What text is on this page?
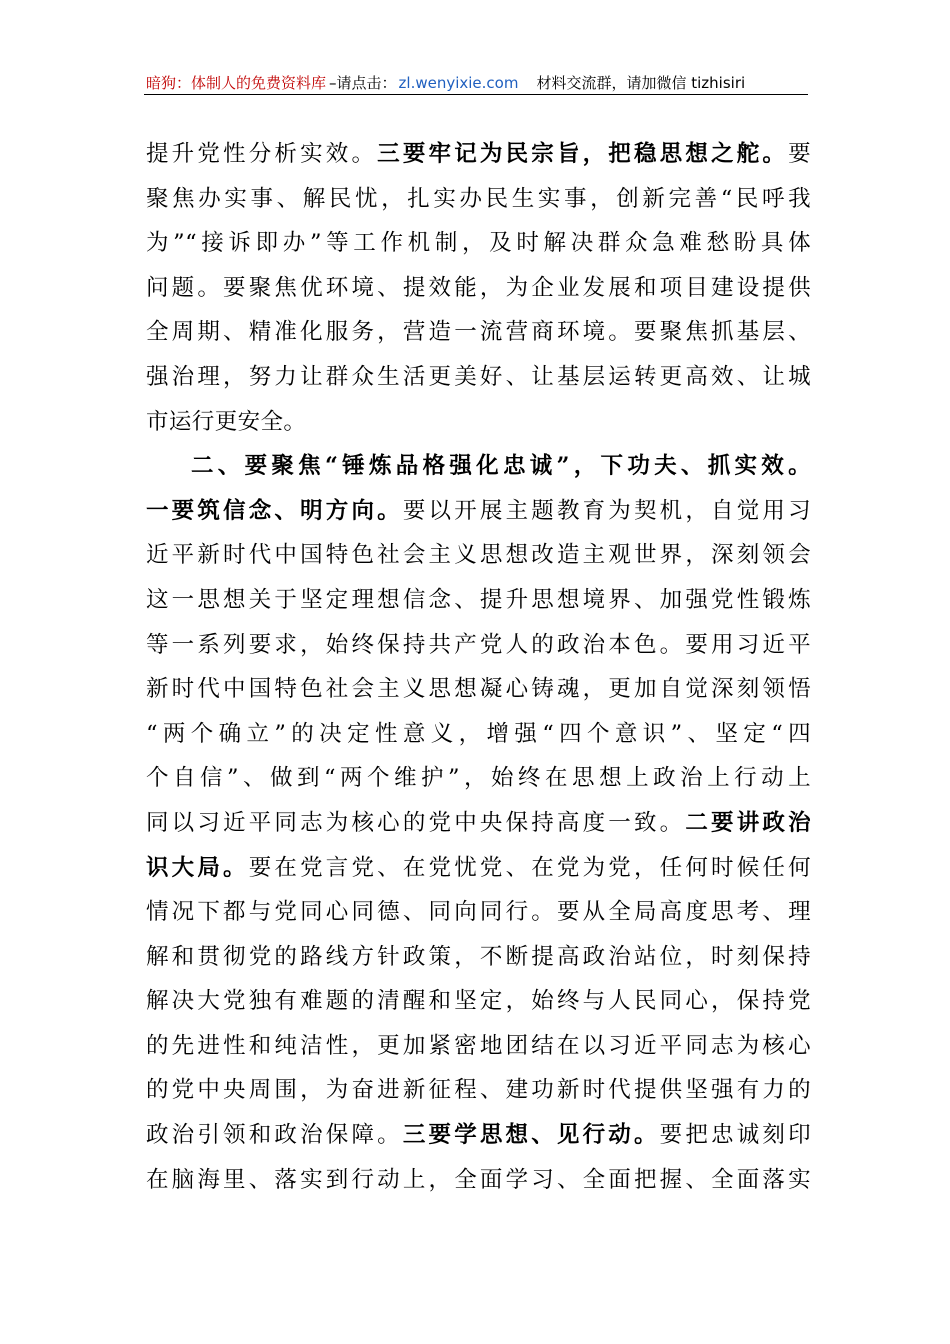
暗狗：体制人的免费资料库 –请点击： zl.wenyixie.com 材料交流群，请加微信 tizhisiri
提升党性分析实效。三要牢记为民宗旨，把稳思想之舵。要
聚焦办实事、解民忧，扎实办民生实事，创新完善“民呼我
为”“接诉即办”等工作机制，及时解决群众急难愁盼具体
问题。要聚焦优环境、提效能，为企业发展和项目建设提供
全周期、精准化服务，营造一流营商环境。要聚焦抓基层、
强治理，努力让群众生活更美好、让基层运转更高效、让城
市运行更安全。
二、要聚焦“锤炼品格强化忠诚”，下功夫、抓实效。
一要筑信念、明方向。要以开展主题教育为契机，自觉用习
近平新时代中国特色社会主义思想改造主观世界，深刻领会
这一思想关于坚定理想信念、提升思想境界、加强党性锻炼
等一系列要求，始终保持共产党人的政治本色。要用习近平
新时代中国特色社会主义思想凝心铸魂，更加自觉深刻领悟
“两个确立”的决定性意义，增强“四个意识”、坚定“四
个自信”、做到“两个维护”，始终在思想上政治上行动上
同以习近平同志为核心的党中央保持高度一致。二要讲政治
识大局。要在党言党、在党忧党、在党为党，任何时候任何
情况下都与党同心同德、同向同行。要从全局高度思考、理
解和贯彻党的路线方针政策，不断提高政治站位，时刻保持
解决大党独有难题的清醒和坚定，始终与人民同心，保持党
的先进性和纯洁性，更加紧密地团结在以习近平同志为核心
的党中央周围，为奋进新征程、建功新时代提供坚强有力的
政治引领和政治保障。三要学思想、见行动。要把忠诚刻印
在脑海里、落实到行动上，全面学习、全面把握、全面落实
